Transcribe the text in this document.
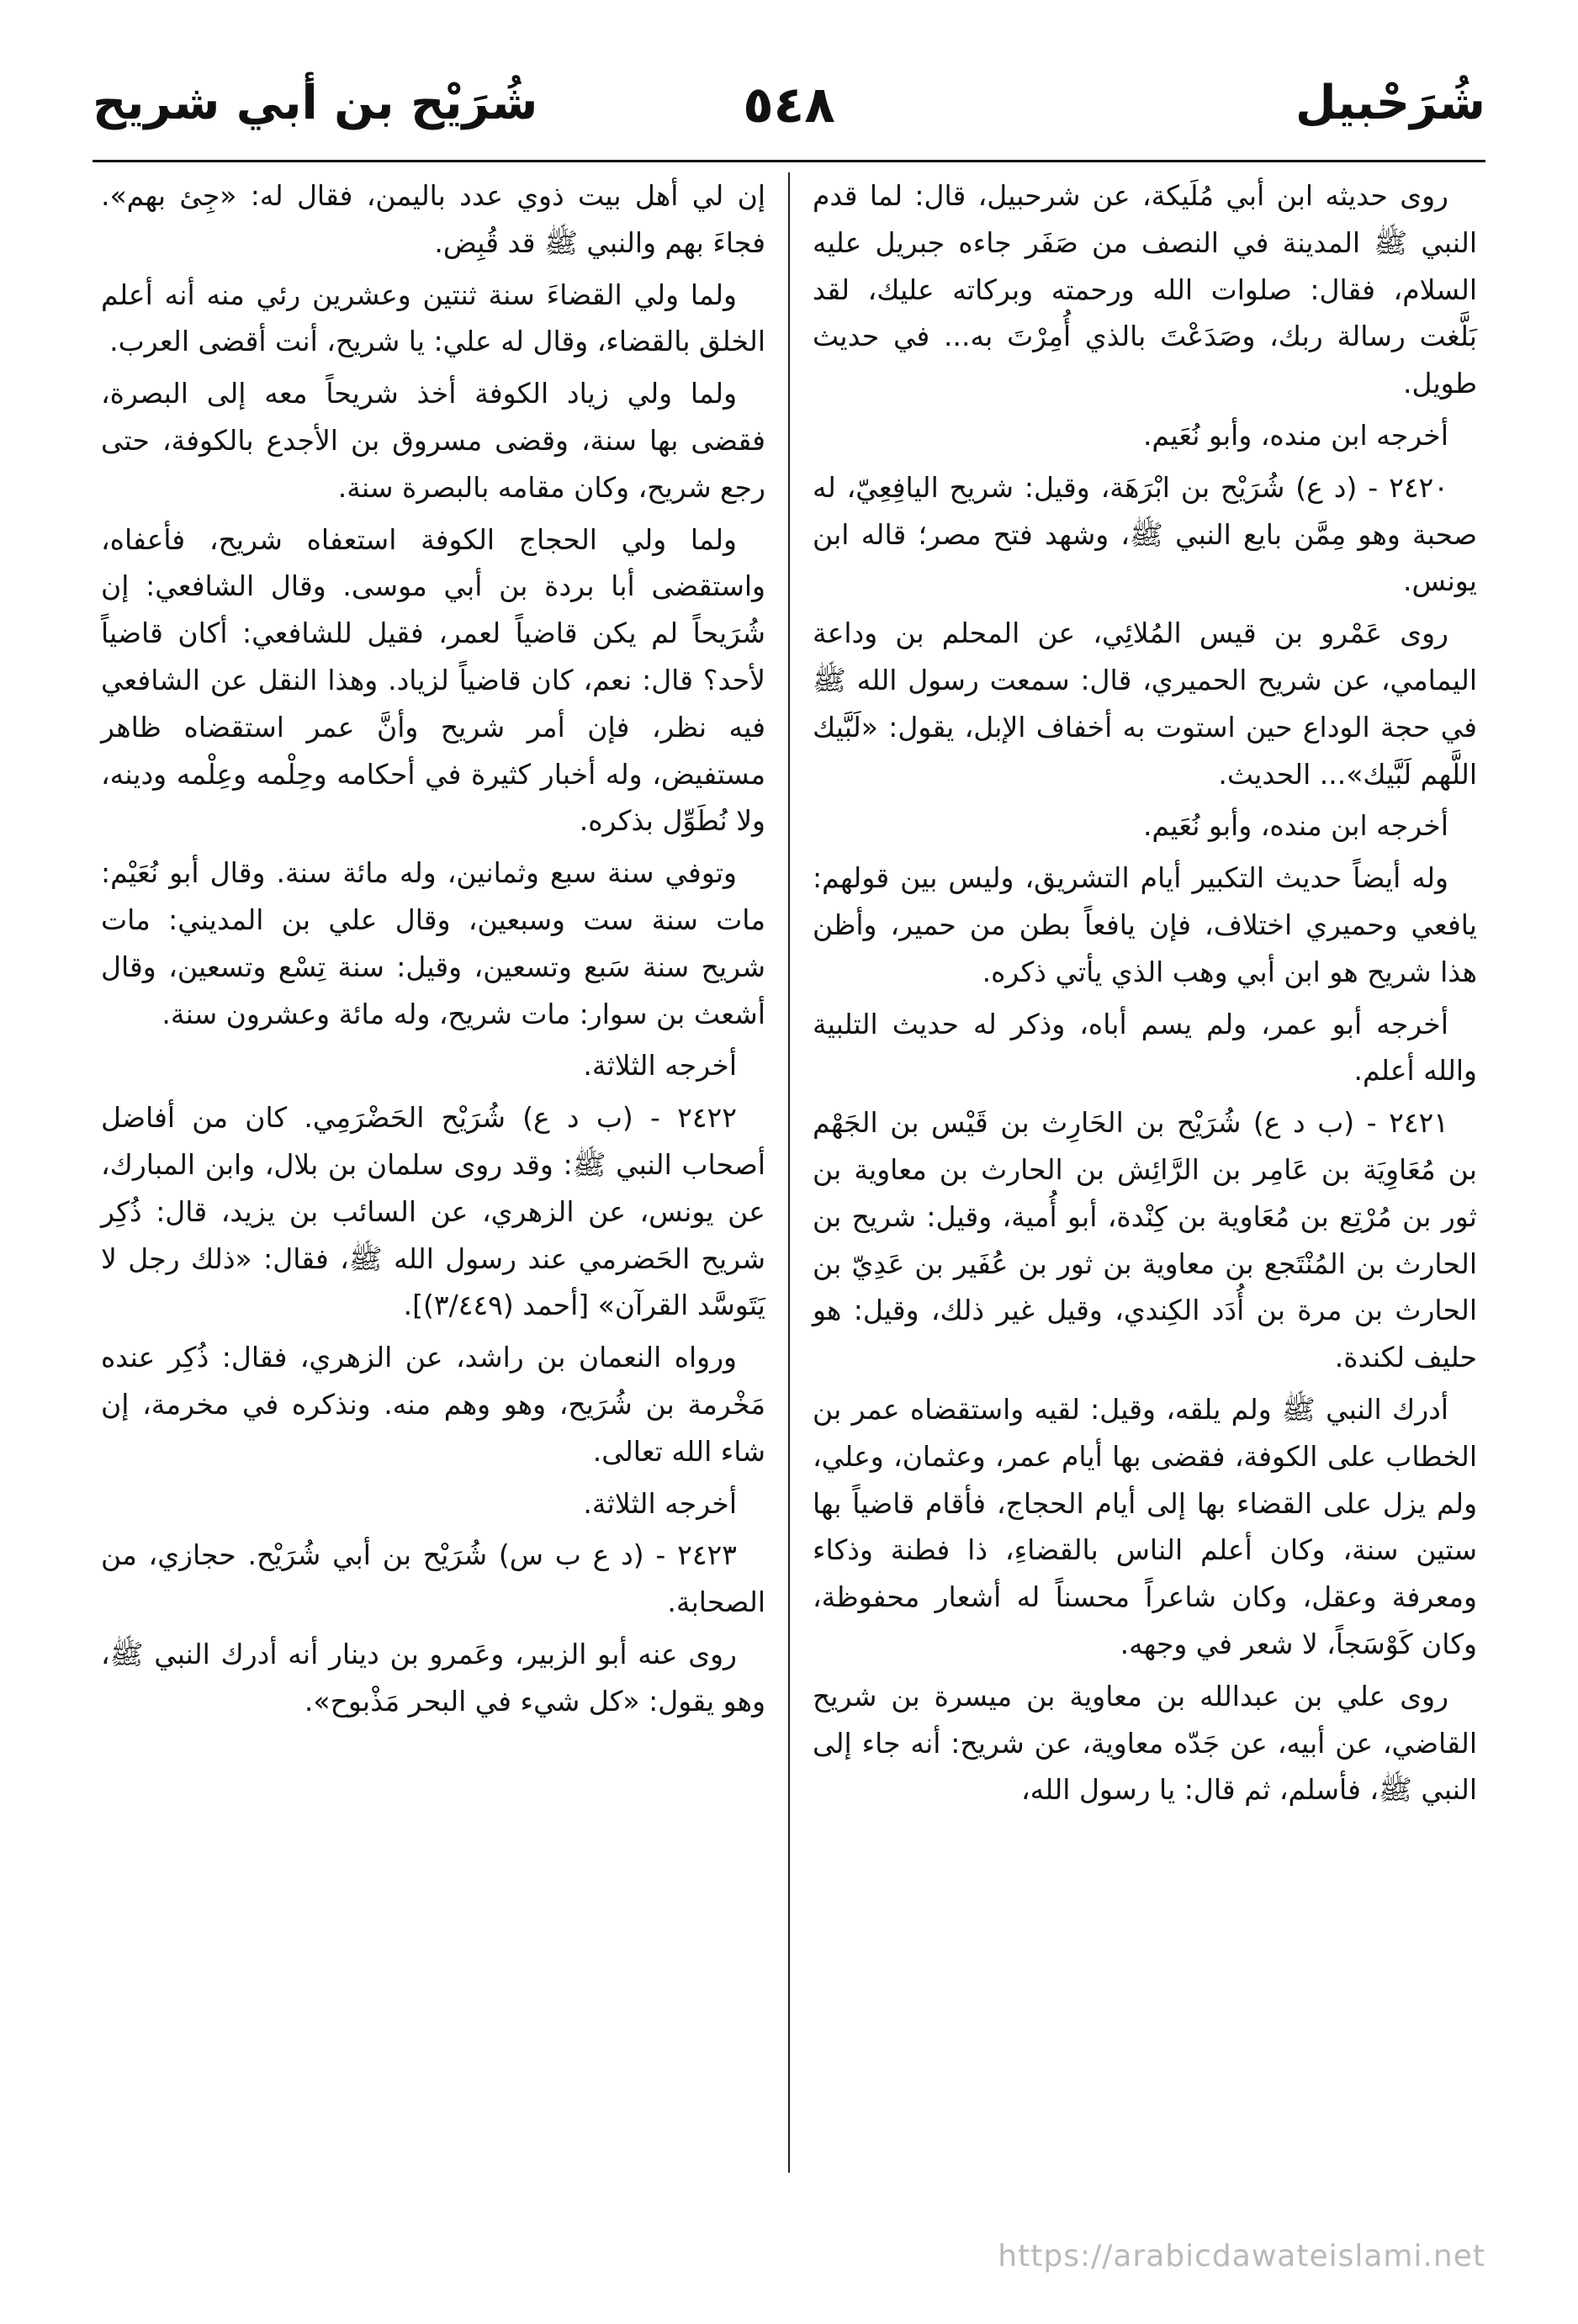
شُرَحْبيل
٥٤٨
شُرَيْح بن أبي شريح

روى حديثه ابن أبي مُلَيكة، عن شرحبيل، قال: لما قدم النبي ﷺ المدينة في النصف من صَفَر جاءه جبريل عليه السلام، فقال: صلوات الله ورحمته وبركاته عليك، لقد بَلَّغت رسالة ربك، وصَدَعْتَ بالذي أُمِرْتَ به... في حديث طويل.

أخرجه ابن منده، وأبو نُعَيم.

٢٤٢٠ - (د ع) شُرَيْح بن ابْرَهَة، وقيل: شريح اليافِعِيّ، له صحبة وهو مِمَّن بايع النبي ﷺ، وشهد فتح مصر؛ قاله ابن يونس.

روى عَمْرو بن قيس المُلائِي، عن المحلم بن وداعة اليمامي، عن شريح الحميري، قال: سمعت رسول الله ﷺ في حجة الوداع حين استوت به أخفاف الإبل، يقول: «لَبَّيك اللَّهم لَبَّيك»... الحديث.

أخرجه ابن منده، وأبو نُعَيم.

وله أيضاً حديث التكبير أيام التشريق، وليس بين قولهم: يافعي وحميري اختلاف، فإن يافعاً بطن من حمير، وأظن هذا شريح هو ابن أبي وهب الذي يأتي ذكره.

أخرجه أبو عمر، ولم يسم أباه، وذكر له حديث التلبية والله أعلم.

٢٤٢١ - (ب د ع) شُرَيْح بن الحَارِث بن قَيْس بن الجَهْم بن مُعَاوِيَة بن عَامِر بن الرَّائِش بن الحارث بن معاوية بن ثور بن مُرْتِع بن مُعَاوية بن كِنْدة، أبو أُمية، وقيل: شريح بن الحارث بن المُنْتَجع بن معاوية بن ثور بن عُفَير بن عَدِيّ بن الحارث بن مرة بن أُدَد الكِندي، وقيل غير ذلك، وقيل: هو حليف لكندة.

أدرك النبي ﷺ ولم يلقه، وقيل: لقيه واستقضاه عمر بن الخطاب على الكوفة، فقضى بها أيام عمر، وعثمان، وعلي، ولم يزل على القضاء بها إلى أيام الحجاج، فأقام قاضياً بها ستين سنة، وكان أعلم الناس بالقضاءِ، ذا فطنة وذكاء ومعرفة وعقل، وكان شاعراً محسناً له أشعار محفوظة، وكان كَوْسَجاً، لا شعر في وجهه.

روى علي بن عبدالله بن معاوية بن ميسرة بن شريح القاضي، عن أبيه، عن جَدّه معاوية، عن شريح: أنه جاء إلى النبي ﷺ، فأسلم، ثم قال: يا رسول الله،

إن لي أهل بيت ذوي عدد باليمن، فقال له: «جِئ بهم». فجاءَ بهم والنبي ﷺ قد قُبِض.

ولما ولي القضاءَ سنة ثنتين وعشرين رئي منه أنه أعلم الخلق بالقضاء، وقال له علي: يا شريح، أنت أقضى العرب.

ولما ولي زياد الكوفة أخذ شريحاً معه إلى البصرة، فقضى بها سنة، وقضى مسروق بن الأجدع بالكوفة، حتى رجع شريح، وكان مقامه بالبصرة سنة.

ولما ولي الحجاج الكوفة استعفاه شريح، فأعفاه، واستقضى أبا بردة بن أبي موسى. وقال الشافعي: إن شُرَيحاً لم يكن قاضياً لعمر، فقيل للشافعي: أكان قاضياً لأحد؟ قال: نعم، كان قاضياً لزياد. وهذا النقل عن الشافعي فيه نظر، فإن أمر شريح وأنَّ عمر استقضاه ظاهر مستفيض، وله أخبار كثيرة في أحكامه وحِلْمه وعِلْمه ودينه، ولا نُطَوِّل بذكره.

وتوفي سنة سبع وثمانين، وله مائة سنة. وقال أبو نُعَيْم: مات سنة ست وسبعين، وقال علي بن المديني: مات شريح سنة سَبع وتسعين، وقيل: سنة تِسْع وتسعين، وقال أشعث بن سوار: مات شريح، وله مائة وعشرون سنة.

أخرجه الثلاثة.

٢٤٢٢ - (ب د ع) شُرَيْح الحَضْرَمِي. كان من أفاضل أصحاب النبي ﷺ: وقد روى سلمان بن بلال، وابن المبارك، عن يونس، عن الزهري، عن السائب بن يزيد، قال: ذُكِر شريح الحَضرمي عند رسول الله ﷺ، فقال: «ذلك رجل لا يَتَوسَّد القرآن» [أحمد (٣/٤٤٩)].

ورواه النعمان بن راشد، عن الزهري، فقال: ذُكِر عنده مَخْرمة بن شُرَيح، وهو وهم منه. ونذكره في مخرمة، إن شاء الله تعالى.

أخرجه الثلاثة.

٢٤٢٣ - (د ع ب س) شُرَيْح بن أبي شُرَيْح. حجازي، من الصحابة.

روى عنه أبو الزبير، وعَمرو بن دينار أنه أدرك النبي ﷺ، وهو يقول: «كل شيء في البحر مَذْبوح».

https://arabicdawateislami.net
